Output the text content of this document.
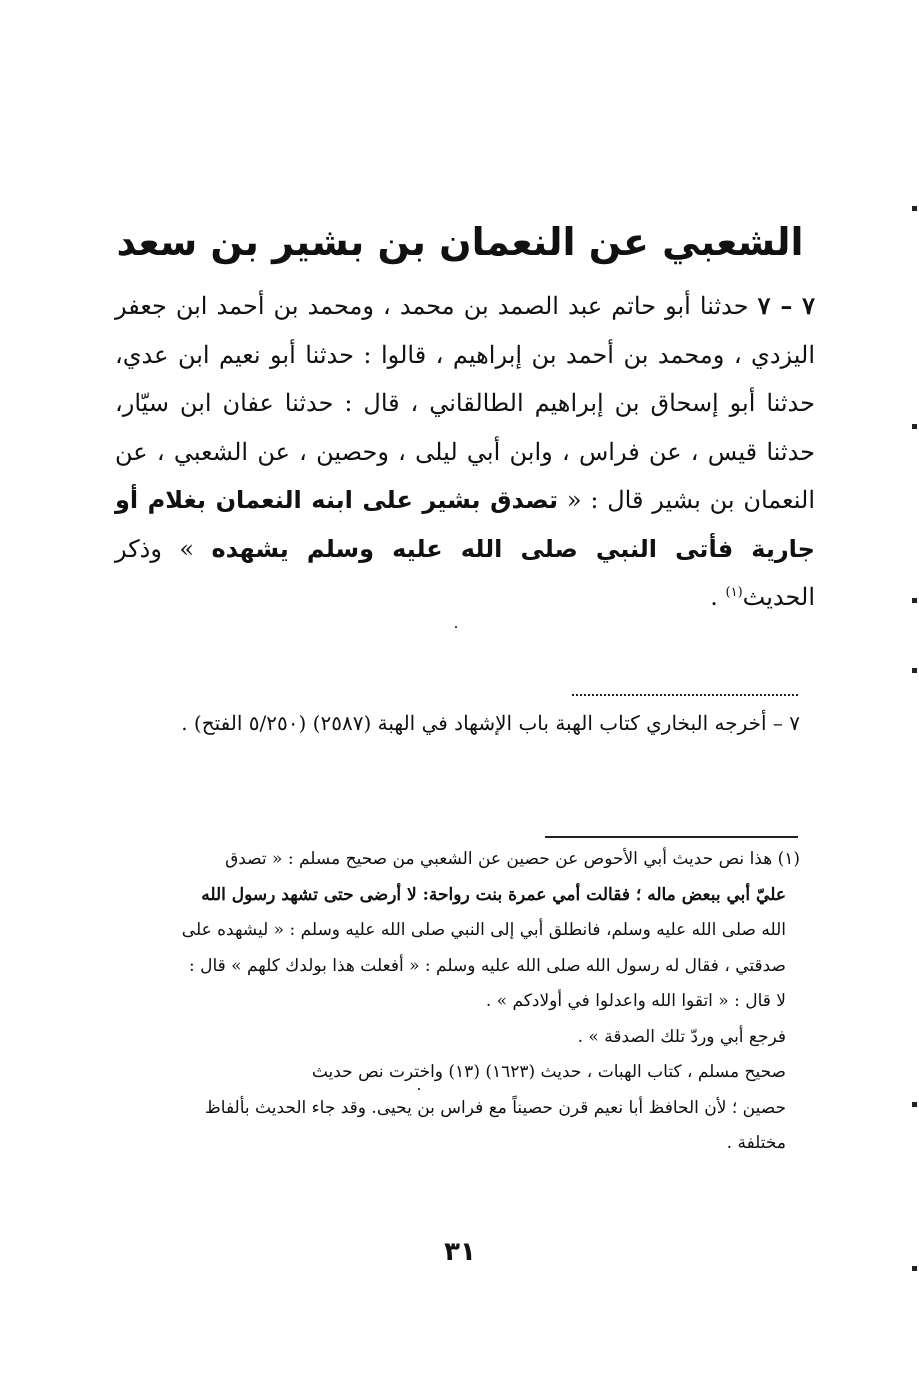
الشعبي عن النعمان بن بشير بن سعد

٧ – ٧ حدثنا أبو حاتم عبد الصمد بن محمد ، ومحمد بن أحمد ابن جعفر اليزدي ، ومحمد بن أحمد بن إبراهيم ، قالوا : حدثنا أبو نعيم ابن عدي، حدثنا أبو إسحاق بن إبراهيم الطالقاني ، قال : حدثنا عفان ابن سيّار، حدثنا قيس ، عن فراس ، وابن أبي ليلى ، وحصين ، عن الشعبي ، عن النعمان بن بشير قال : « تصدق بشير على ابنه النعمان بغلام أو جارية فأتى النبي صلى الله عليه وسلم يشهده » وذكر الحديث$^{(١)}$ .

٧ – أخرجه البخاري كتاب الهبة باب الإشهاد في الهبة (٢٥٨٧) (٥/٢٥٠ الفتح) .

(١) هذا نص حديث أبي الأحوص عن حصين عن الشعبي من صحيح مسلم : « تصدق

عليّ أبي ببعض ماله ؛ فقالت أمي عمرة بنت رواحة: لا أرضى حتى تشهد رسول الله

الله صلى الله عليه وسلم، فانطلق أبي إلى النبي صلى الله عليه وسلم : « ليشهده على

صدقتي ، فقال له رسول الله صلى الله عليه وسلم : « أفعلت هذا بولدك كلهم » قال :

لا قال : « اتقوا الله واعدلوا في أولادكم » .

فرجع أبي وردّ تلك الصدقة » .

صحيح مسلم ، كتاب الهبات ، حديث (١٦٢٣) (١٣) واخترت نص حديث

حصين ؛ لأن الحافظ أبا نعيم قرن حصيناً مع فراس بن يحيى. وقد جاء الحديث بألفاظ

مختلفة .

٣١
